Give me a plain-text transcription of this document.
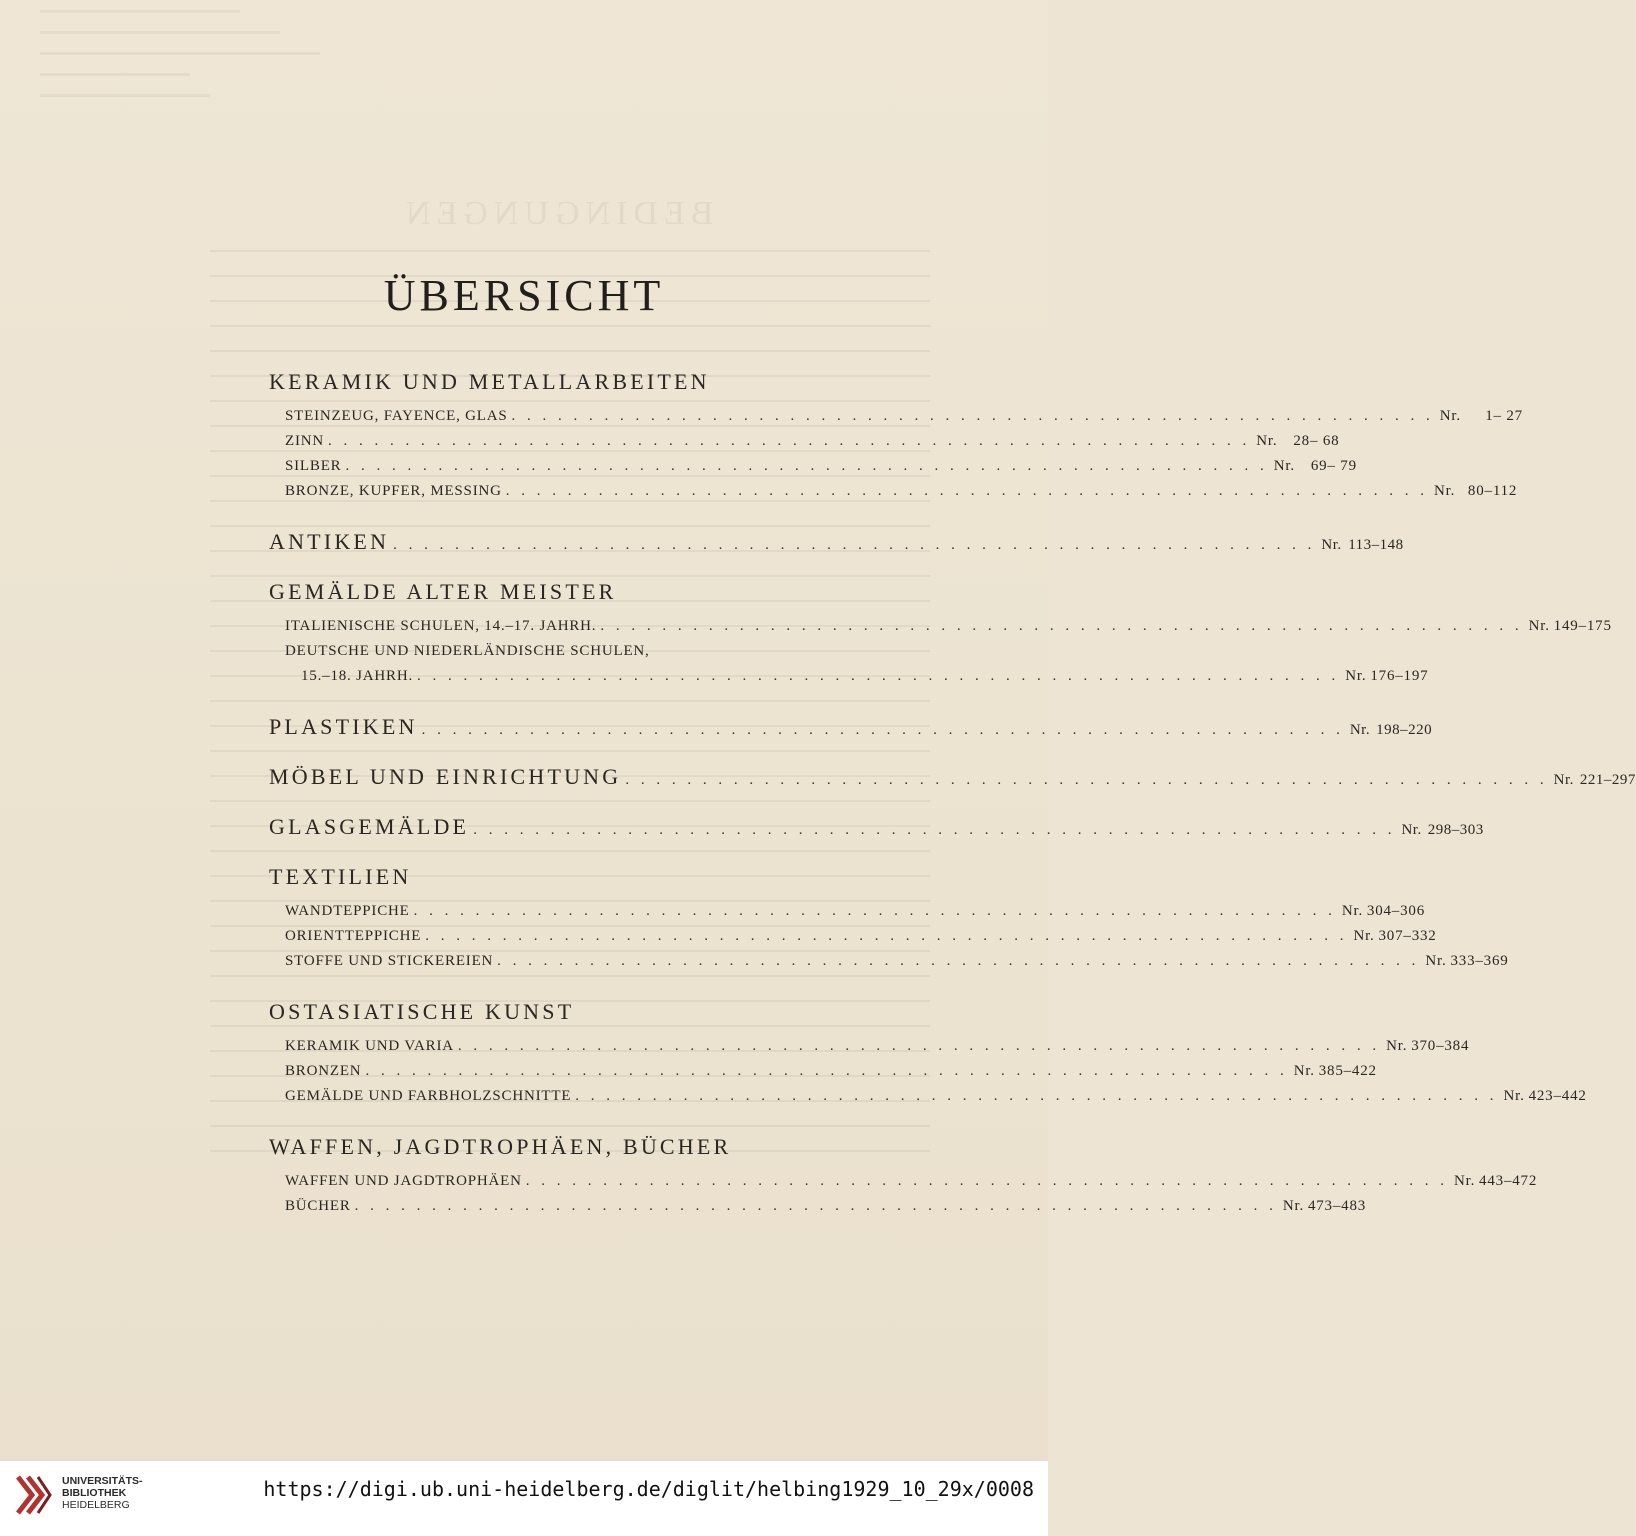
BEDINGUNGEN
ÜBERSICHT
KERAMIK UND METALLARBEITEN
STEINZEUG, FAYENCE, GLAS . . . . . . . . . . . . . . . . . . . . . . . . . . . . . . . . . . . . . . . . . . . . . . . . . . . . . . . . . . . . Nr.	1– 27
ZINN . . . . . . . . . . . . . . . . . . . . . . . . . . . . . . . . . . . . . . . . . . . . . . . . . . . . . . . . . . . . Nr.	28– 68
SILBER . . . . . . . . . . . . . . . . . . . . . . . . . . . . . . . . . . . . . . . . . . . . . . . . . . . . . . . . . . . . Nr.	69– 79
BRONZE, KUPFER, MESSING . . . . . . . . . . . . . . . . . . . . . . . . . . . . . . . . . . . . . . . . . . . . . . . . . . . . . . . . . . . . Nr. 80–112
ANTIKEN . . . . . . . . . . . . . . . . . . . . . . . . . . . . . . . . . . . . . . . . . . . . . . . . . . . . . . . . . . . . Nr. 113–148
GEMÄLDE ALTER MEISTER
ITALIENISCHE SCHULEN, 14.–17. JAHRH. . . . . . . . . . . . . . . . . . . . . . . . . . . . . . . . . . . . . . . . . . . . . . . . . . . . . . . . . . . . . Nr. 149–175
DEUTSCHE UND NIEDERLÄNDISCHE SCHULEN,
15.–18. JAHRH. . . . . . . . . . . . . . . . . . . . . . . . . . . . . . . . . . . . . . . . . . . . . . . . . . . . . . . . . . . . . Nr. 176–197
PLASTIKEN . . . . . . . . . . . . . . . . . . . . . . . . . . . . . . . . . . . . . . . . . . . . . . . . . . . . . . . . . . . . Nr. 198–220
MÖBEL UND EINRICHTUNG . . . . . . . . . . . . . . . . . . . . . . . . . . . . . . . . . . . . . . . . . . . . . . . . . . . . . . . . . . . . Nr. 221–297
GLASGEMÄLDE . . . . . . . . . . . . . . . . . . . . . . . . . . . . . . . . . . . . . . . . . . . . . . . . . . . . . . . . . . . . Nr. 298–303
TEXTILIEN
WANDTEPPICHE . . . . . . . . . . . . . . . . . . . . . . . . . . . . . . . . . . . . . . . . . . . . . . . . . . . . . . . . . . . . Nr. 304–306
ORIENTTEPPICHE . . . . . . . . . . . . . . . . . . . . . . . . . . . . . . . . . . . . . . . . . . . . . . . . . . . . . . . . . . . . Nr. 307–332
STOFFE UND STICKEREIEN . . . . . . . . . . . . . . . . . . . . . . . . . . . . . . . . . . . . . . . . . . . . . . . . . . . . . . . . . . . . Nr. 333–369
OSTASIATISCHE KUNST
KERAMIK UND VARIA . . . . . . . . . . . . . . . . . . . . . . . . . . . . . . . . . . . . . . . . . . . . . . . . . . . . . . . . . . . . Nr. 370–384
BRONZEN . . . . . . . . . . . . . . . . . . . . . . . . . . . . . . . . . . . . . . . . . . . . . . . . . . . . . . . . . . . . Nr. 385–422
GEMÄLDE UND FARBHOLZSCHNITTE . . . . . . . . . . . . . . . . . . . . . . . . . . . . . . . . . . . . . . . . . . . . . . . . . . . . . . . . . . . . Nr. 423–442
WAFFEN, JAGDTROPHÄEN, BÜCHER
WAFFEN UND JAGDTROPHÄEN . . . . . . . . . . . . . . . . . . . . . . . . . . . . . . . . . . . . . . . . . . . . . . . . . . . . . . . . . . . . Nr. 443–472
BÜCHER . . . . . . . . . . . . . . . . . . . . . . . . . . . . . . . . . . . . . . . . . . . . . . . . . . . . . . . . . . . . Nr. 473–483
UNIVERSITÄTS-
BIBLIOTHEK
HEIDELBERG
https://digi.ub.uni-heidelberg.de/diglit/helbing1929_10_29x/0008
